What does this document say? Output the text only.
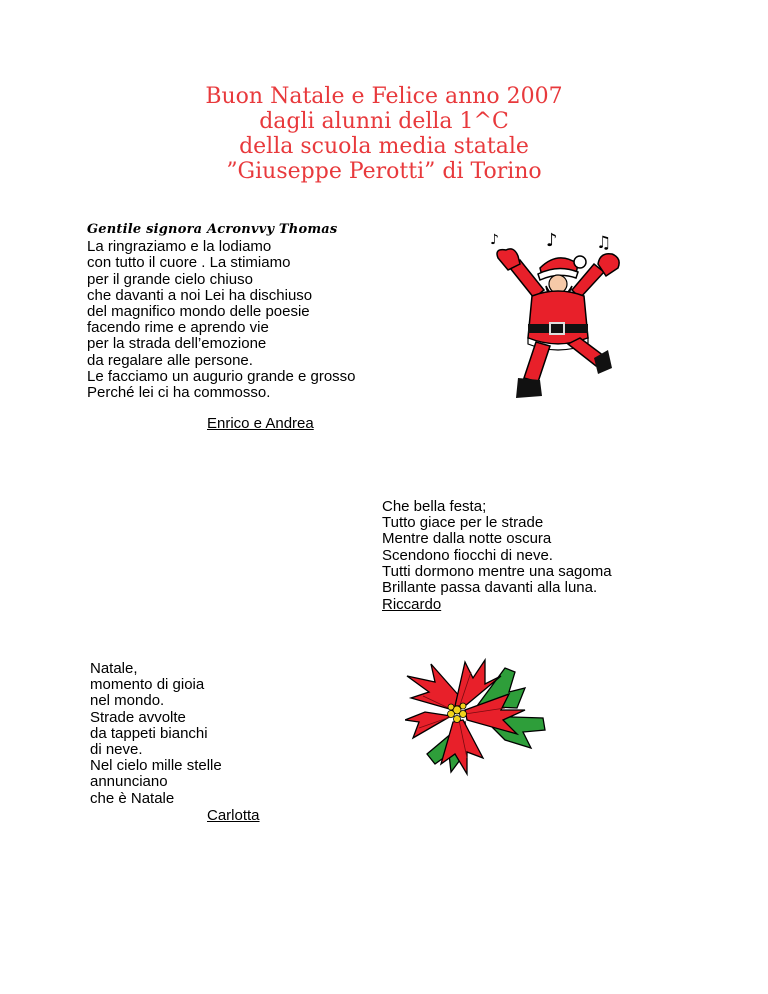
Buon Natale e Felice anno 2007
dagli alunni della 1^C
della scuola media statale
”Giuseppe Perotti” di Torino
Gentile signora Acronvvy Thomas
La ringraziamo e la lodiamo
con tutto il cuore . La stimiamo
per il grande cielo chiuso
che davanti a noi Lei ha dischiuso
del magnifico mondo delle poesie
facendo rime e aprendo vie
per la strada dell’emozione
da regalare alle persone.
Le facciamo un augurio grande e grosso
Perché lei ci ha commosso.
Enrico e Andrea
♪	♪ ♫
Che bella festa;
Tutto giace per le strade
Mentre dalla notte oscura
Scendono fiocchi di neve.
Tutti dormono mentre una sagoma
Brillante passa davanti alla luna.
Riccardo
Natale,
momento di gioia
nel mondo.
Strade avvolte
da tappeti bianchi
di neve.
Nel cielo mille stelle
annunciano
che è Natale
Carlotta
